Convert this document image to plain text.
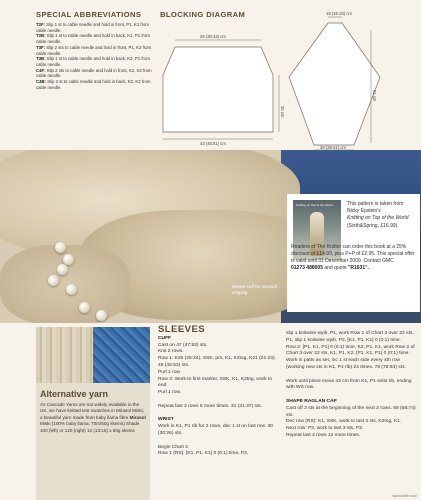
SPECIAL ABBREVIATIONS
T2F: Slip 1 st to cable needle and hold in front, P1, K1 from cable needle.
T2B: Slip 1 st to cable needle and hold in back, K1, P1 from cable needle.
T3F: Slip 2 sts to cable needle and hold in front, P1, K2 from cable needle.
T3B: Slip 1 st to cable needle and hold in back, K2, P1 from cable needle.
C4F: Slip 2 sts to cable needle and hold in front, K2, K2 from cable needle.
C4B: Slip 2 st to cable needle and hold in back, K2, K2 from cable needle.
BLOCKING DIAGRAM
28 (30:33) cm
43 (46:51) cm
35 cm
15 (15:18) cm
38 (38:41) cm
61 cm
Weave cuff for unusual shaping
Knitting on Top of the World	This pattern is taken from Nicky Epstein's
Knitting on Top of the World
(Sixth&Spring, £16.99).
Readers of The Knitter can order this book at a 25% discount of £14.99, plus P+P of £2.95. This special offer is valid until 31 December 2009. Contact GMC
01273 488005 and quote "R1631".
Alternative yarn
As Cascade Yarns are not widely available in the UK, we have knitted test swatches in Mirasol Miski, a beautiful yarn made from baby llama fibre Mirasol Miski (100% baby llama; 75m/50g skeins) Shade 100 (left) or 120 (right) 12 (13:15) x 50g skeins
SLEEVES
CUFF
Cast on 47 (47:53) sts.
Knit 2 rows.
Row 1: K25 (25:24), SSK, pm, K1, K2tog, K21 (21:24). 45 (45:52) sts.
Purl 1 row
Row 3: Work to first marker, SSK, K1, K2tog, work to end.
Purl 1 row.
Repeat last 2 rows 6 more times. 31 (31:37) sts.
WRIST
Work in K1, P1 rib for 2 rows, dec 1 st on last row. 30 (30:26) sts.
Begin Chart 3
Row 1 (RS): [K1, P1, K1] 0 (0:1) time, P2,
slip 1 knitwise wyib, P1, work Row 1 of Chart 3 over 22 sts, P1, slip 1 knitwise wyib, P2, [K1, P1, K1] 0 (0:1) time.
Row 2: [P1, K1, P1] 0 (0:1) time, K2, P1, K1, work Row 2 of Chart 3 over 22 sts, K1, P1, K2, [P1, K1, P1] 0 (0:1) time.
Work in patts as set, inc 1 st each side every 4th row (working new sts in K1, P1 rib) 24 times. 78 (78:84) sts.
Work until piece meas 43 cm from K1, P1 wrist rib, ending with WS row.
SHAPE RAGLAN CAP
Cast off 3 sts at the beginning of the next 2 rows. 68 (68:74) sts.
Dec row (RS): K1, SSK, work to last 3 sts, K2tog, K1.
Next row: P3, work to last 3 sts, P3.
Repeat last 2 rows 12 more times.
www.knitter.com
